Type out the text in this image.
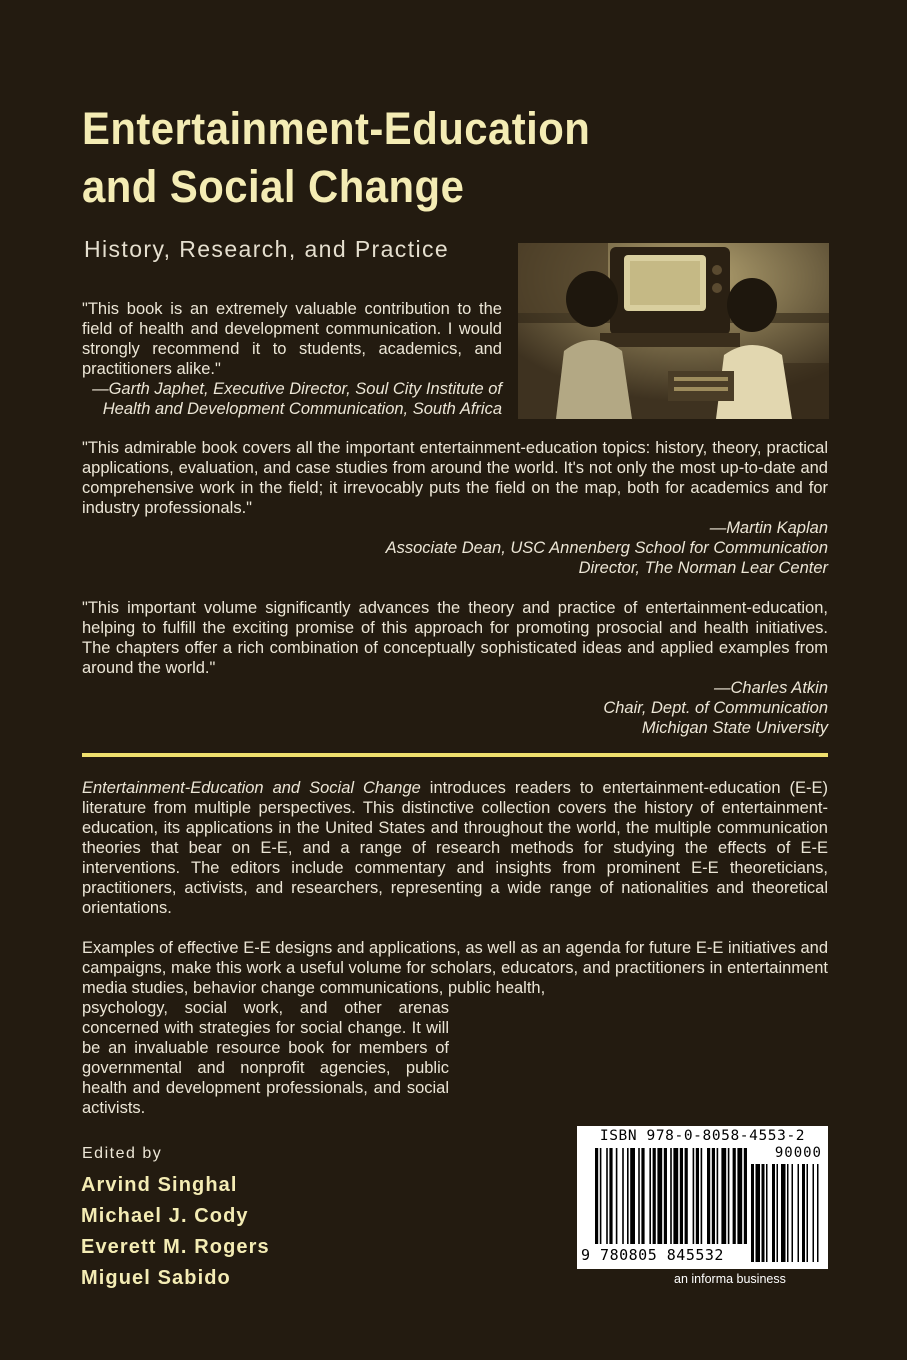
Entertainment-Education
and Social Change
History, Research, and Practice
"This book is an extremely valuable contribution to the field of health and development communication. I would strongly recommend it to students, academics, and practitioners alike."
—Garth Japhet, Executive Director, Soul City Institute of
Health and Development Communication, South Africa
"This admirable book covers all the important entertainment-education topics: history, theory, practical applications, evaluation, and case studies from around the world. It's not only the most up-to-date and comprehensive work in the field; it irrevocably puts the field on the map, both for academics and for industry professionals."
—Martin Kaplan
Associate Dean, USC Annenberg School for Communication
Director, The Norman Lear Center
"This important volume significantly advances the theory and practice of entertainment-education, helping to fulfill the exciting promise of this approach for promoting prosocial and health initiatives. The chapters offer a rich combination of conceptually sophisticated ideas and applied examples from around the world."
—Charles Atkin
Chair, Dept. of Communication
Michigan State University
Entertainment-Education and Social Change introduces readers to entertainment-education (E-E) literature from multiple perspectives. This distinctive collection covers the history of entertainment-education, its applications in the United States and throughout the world, the multiple communication theories that bear on E-E, and a range of research methods for studying the effects of E-E interventions. The editors include commentary and insights from prominent E-E theoreticians, practitioners, activists, and researchers, representing a wide range of nationalities and theoretical orientations.
Examples of effective E-E designs and applications, as well as an agenda for future E-E initiatives and campaigns, make this work a useful volume for scholars, educators, and practitioners in entertainment media studies, behavior change communications, public health,
psychology, social work, and other arenas concerned with strategies for social change. It will be an invaluable resource book for members of governmental and nonprofit agencies, public health and development professionals, and social activists.
Edited by
Arvind Singhal
Michael J. Cody
Everett M. Rogers
Miguel Sabido
ISBN 978-0-8058-4553-2
90000
9 780805 845532
an informa business
